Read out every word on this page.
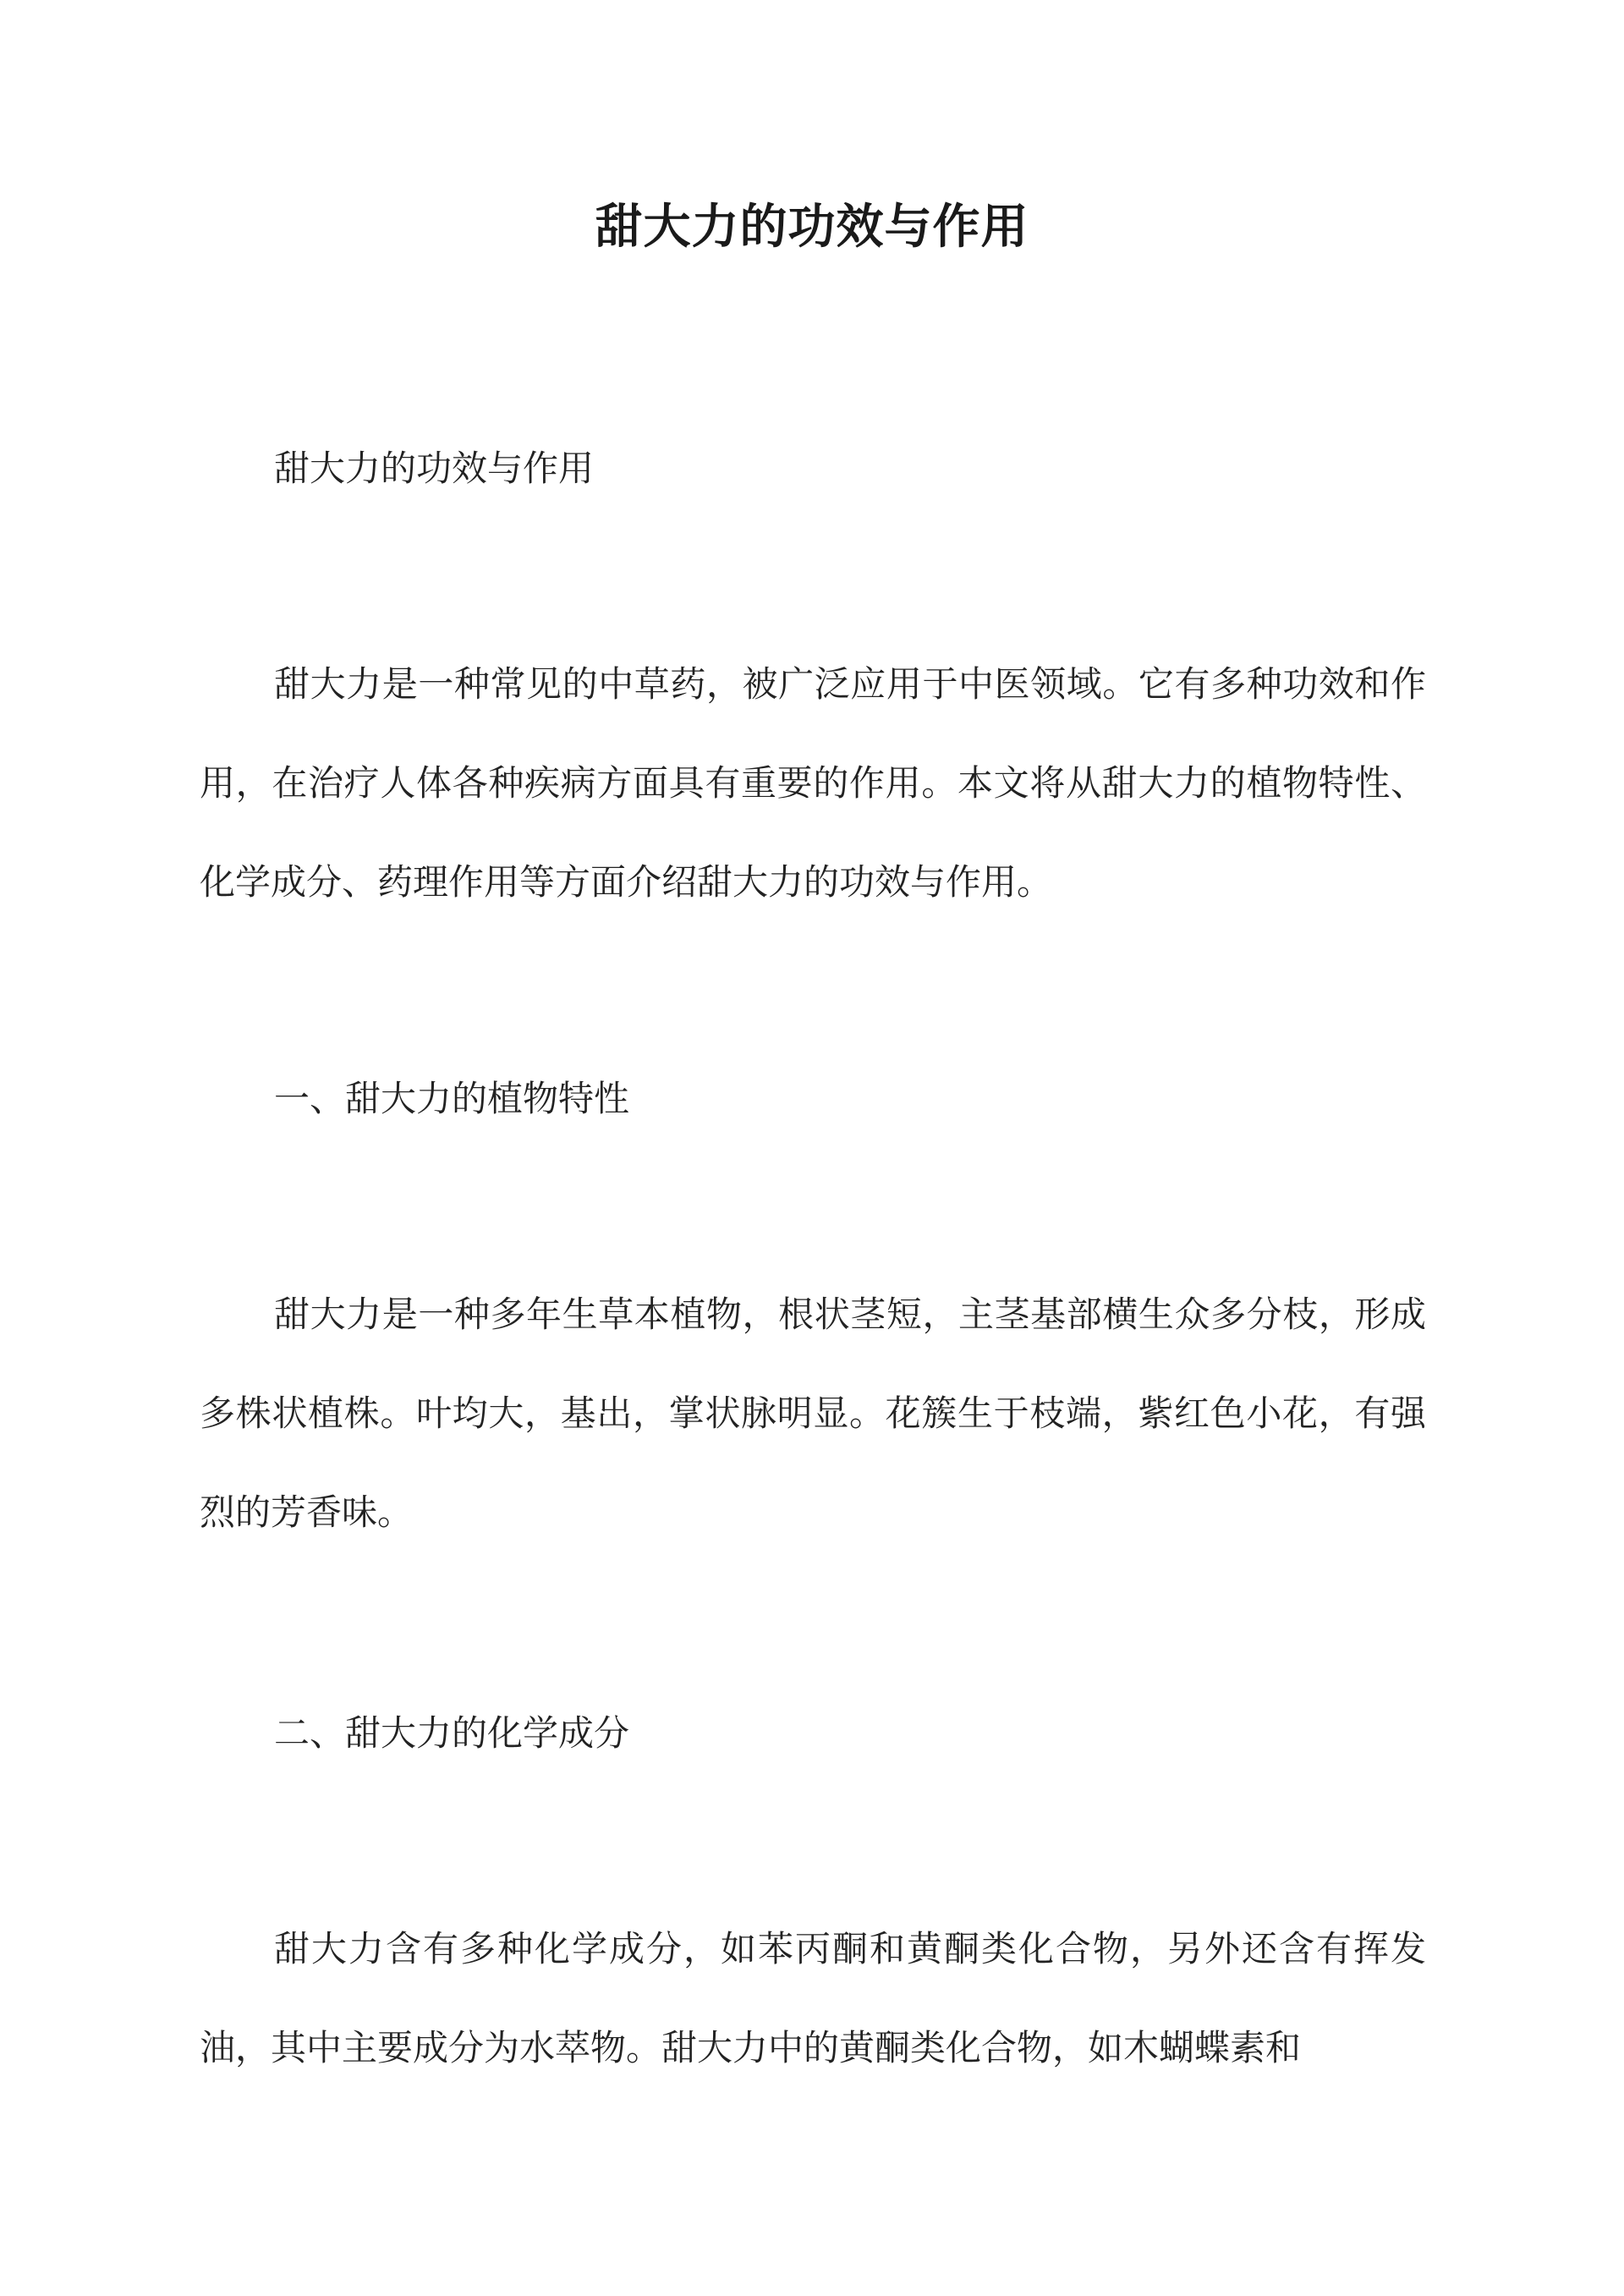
甜大力的功效与作用

甜大力的功效与作用

甜大力是一种常见的中草药，被广泛应用于中医领域。它有多种功效和作用，在治疗人体各种疾病方面具有重要的作用。本文将从甜大力的植物特性、化学成分、药理作用等方面介绍甜大力的功效与作用。

一、甜大力的植物特性

甜大力是一种多年生草本植物，根状茎短，主茎基部横生众多分枝，形成多株状植株。叶均大，基出，掌状脉明显。花簇生于枝端，紫红色小花，有强烈的芳香味。

二、甜大力的化学成分

甜大力含有多种化学成分，如苯丙酮和黄酮类化合物，另外还含有挥发油，其中主要成分为水萃物。甜大力中的黄酮类化合物，如木蝴蝶素和
